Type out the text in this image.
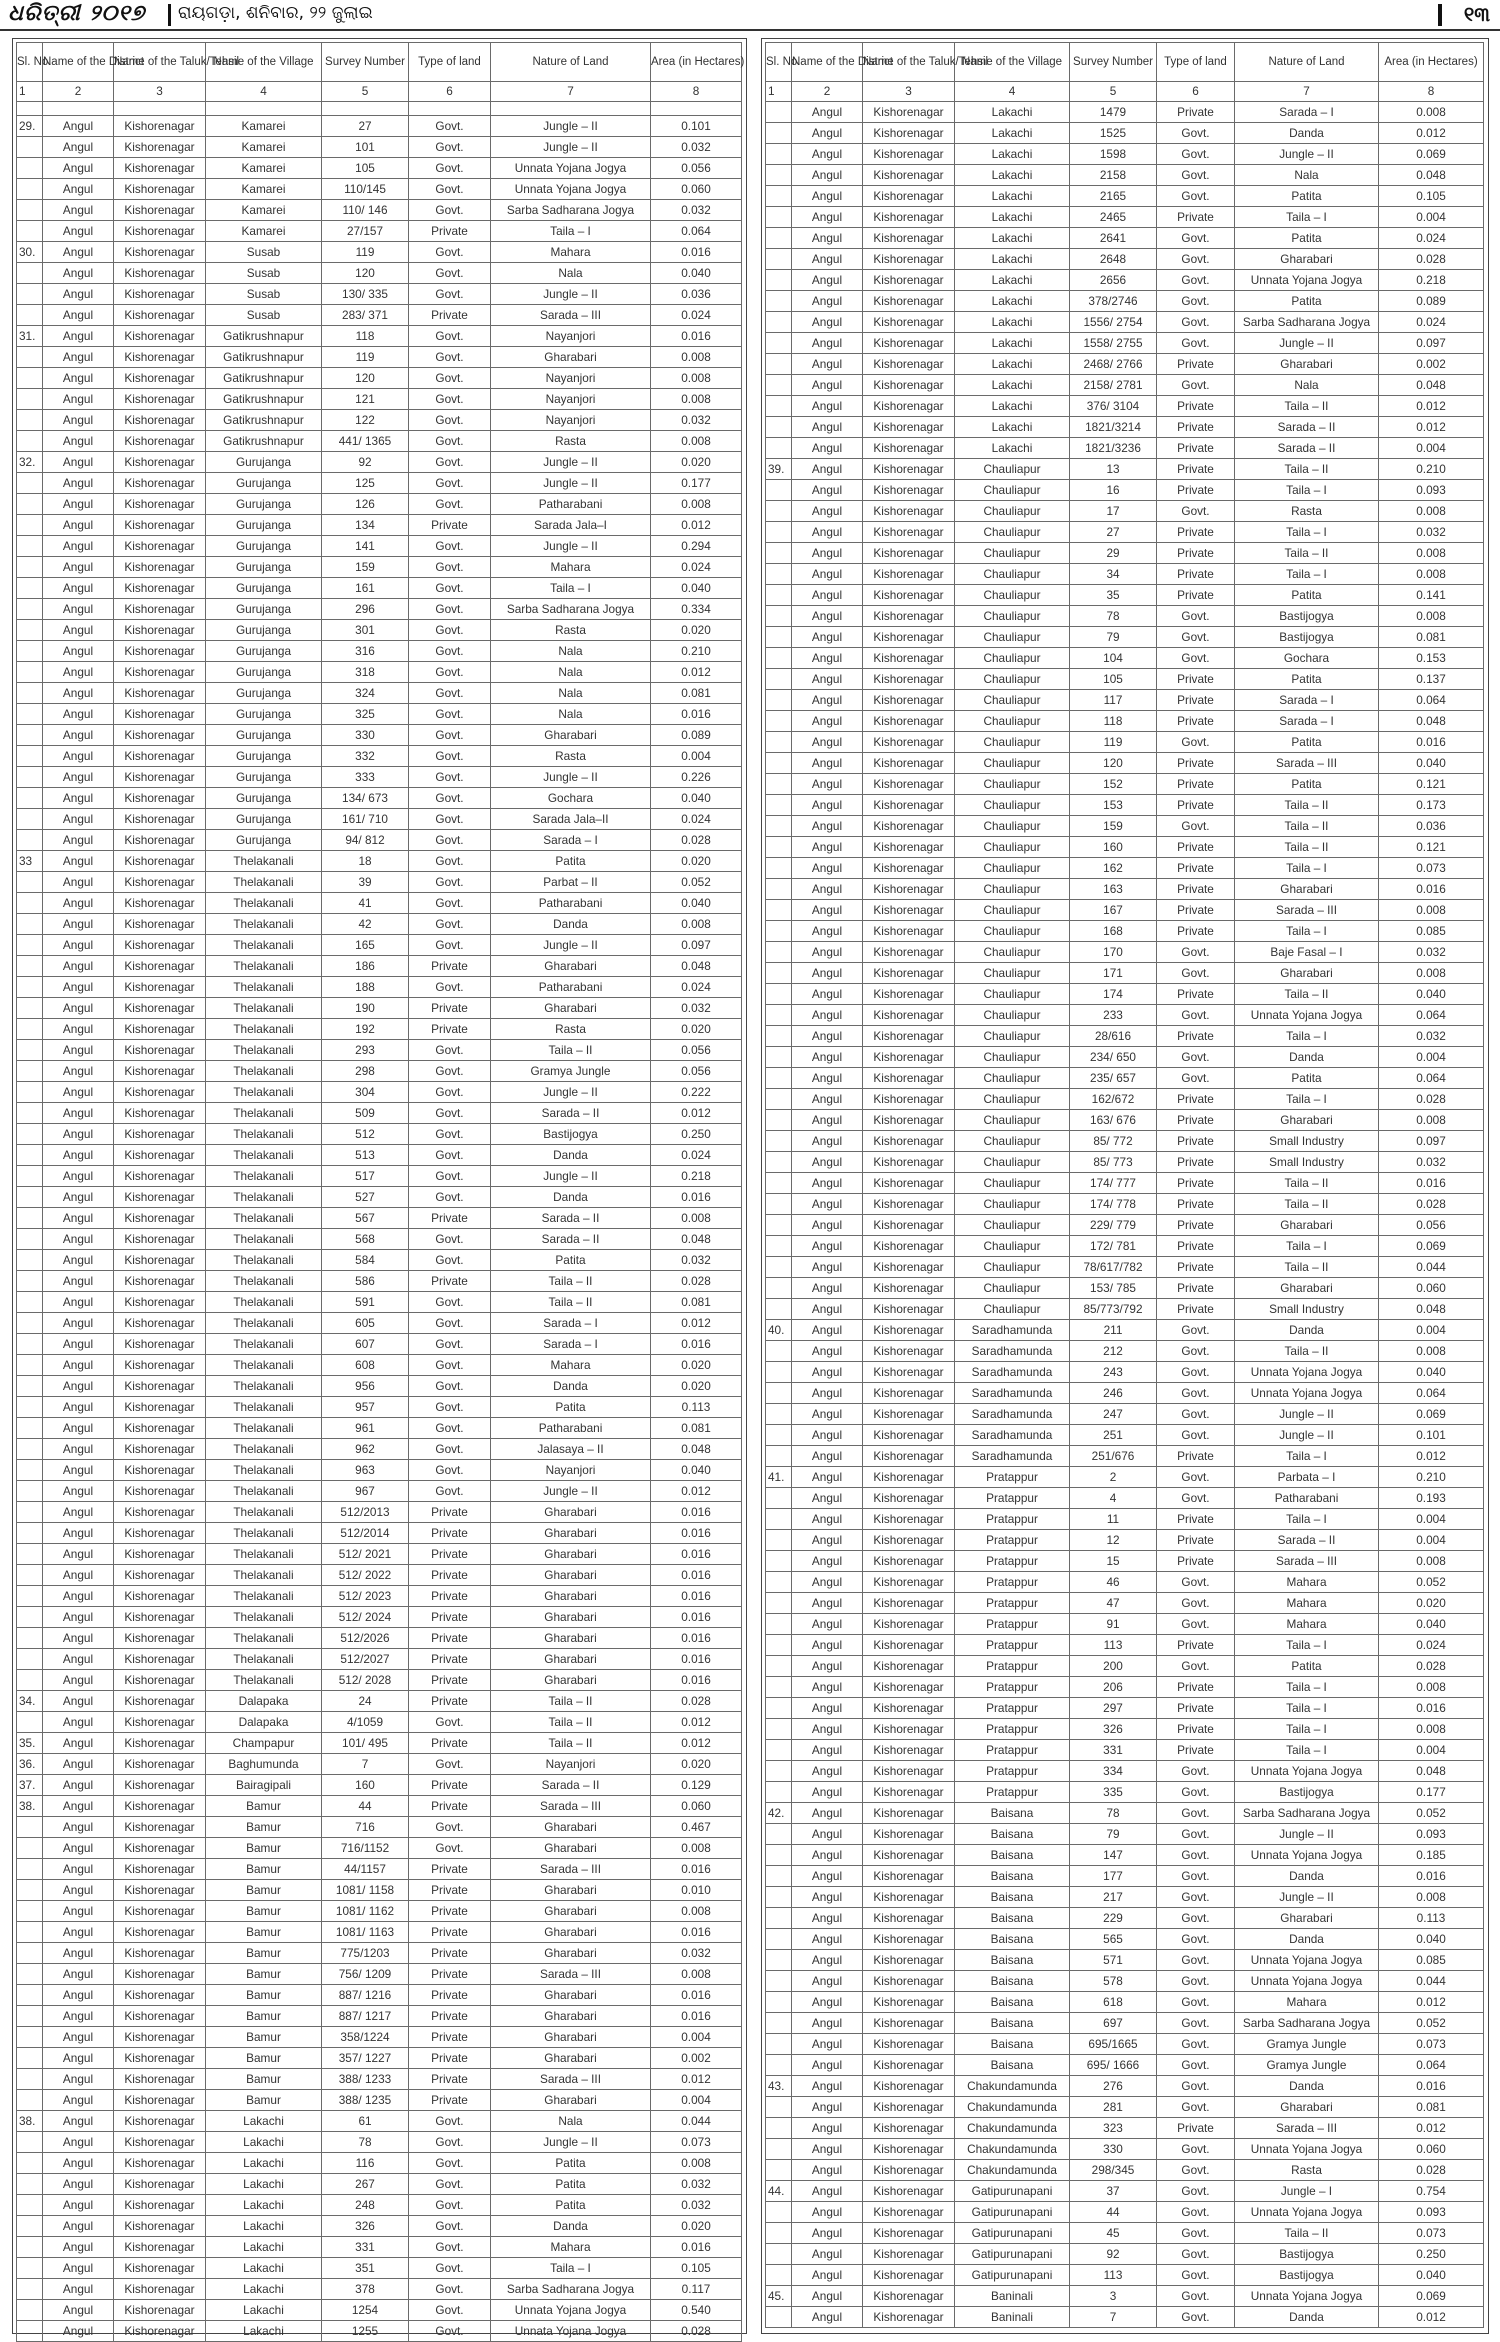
ଧରିତ୍ରୀ ୨୦୧୭ ରାୟଗଡ଼ା, ଶନିବାର, ୨୨ ଜୁଲାଇ	୧୩
Sl. No.	Name of the District	Name of the Taluk/Tehsil	Name of the Village	Survey Number	Type of land	Nature of Land	Area (in Hectares)
1	2	3	4	5	6	7	8

29.	Angul	Kishorenagar	Kamarei	27	Govt.	Jungle – II	0.101
	Angul	Kishorenagar	Kamarei	101	Govt.	Jungle – II	0.032
	Angul	Kishorenagar	Kamarei	105	Govt.	Unnata Yojana Jogya	0.056
	Angul	Kishorenagar	Kamarei	110/145	Govt.	Unnata Yojana Jogya	0.060
	Angul	Kishorenagar	Kamarei	110/ 146	Govt.	Sarba Sadharana Jogya	0.032
	Angul	Kishorenagar	Kamarei	27/157	Private	Taila – I	0.064
30.	Angul	Kishorenagar	Susab	119	Govt.	Mahara	0.016
	Angul	Kishorenagar	Susab	120	Govt.	Nala	0.040
	Angul	Kishorenagar	Susab	130/ 335	Govt.	Jungle – II	0.036
	Angul	Kishorenagar	Susab	283/ 371	Private	Sarada – III	0.024
31.	Angul	Kishorenagar	Gatikrushnapur	118	Govt.	Nayanjori	0.016
	Angul	Kishorenagar	Gatikrushnapur	119	Govt.	Gharabari	0.008
	Angul	Kishorenagar	Gatikrushnapur	120	Govt.	Nayanjori	0.008
	Angul	Kishorenagar	Gatikrushnapur	121	Govt.	Nayanjori	0.008
	Angul	Kishorenagar	Gatikrushnapur	122	Govt.	Nayanjori	0.032
	Angul	Kishorenagar	Gatikrushnapur	441/ 1365	Govt.	Rasta	0.008
32.	Angul	Kishorenagar	Gurujanga	92	Govt.	Jungle – II	0.020
	Angul	Kishorenagar	Gurujanga	125	Govt.	Jungle – II	0.177
	Angul	Kishorenagar	Gurujanga	126	Govt.	Patharabani	0.008
	Angul	Kishorenagar	Gurujanga	134	Private	Sarada Jala–I	0.012
	Angul	Kishorenagar	Gurujanga	141	Govt.	Jungle – II	0.294
	Angul	Kishorenagar	Gurujanga	159	Govt.	Mahara	0.024
	Angul	Kishorenagar	Gurujanga	161	Govt.	Taila – I	0.040
	Angul	Kishorenagar	Gurujanga	296	Govt.	Sarba Sadharana Jogya	0.334
	Angul	Kishorenagar	Gurujanga	301	Govt.	Rasta	0.020
	Angul	Kishorenagar	Gurujanga	316	Govt.	Nala	0.210
	Angul	Kishorenagar	Gurujanga	318	Govt.	Nala	0.012
	Angul	Kishorenagar	Gurujanga	324	Govt.	Nala	0.081
	Angul	Kishorenagar	Gurujanga	325	Govt.	Nala	0.016
	Angul	Kishorenagar	Gurujanga	330	Govt.	Gharabari	0.089
	Angul	Kishorenagar	Gurujanga	332	Govt.	Rasta	0.004
	Angul	Kishorenagar	Gurujanga	333	Govt.	Jungle – II	0.226
	Angul	Kishorenagar	Gurujanga	134/ 673	Govt.	Gochara	0.040
	Angul	Kishorenagar	Gurujanga	161/ 710	Govt.	Sarada Jala–II	0.024
	Angul	Kishorenagar	Gurujanga	94/ 812	Govt.	Sarada – I	0.028
33	Angul	Kishorenagar	Thelakanali	18	Govt.	Patita	0.020
	Angul	Kishorenagar	Thelakanali	39	Govt.	Parbat – II	0.052
	Angul	Kishorenagar	Thelakanali	41	Govt.	Patharabani	0.040
	Angul	Kishorenagar	Thelakanali	42	Govt.	Danda	0.008
	Angul	Kishorenagar	Thelakanali	165	Govt.	Jungle – II	0.097
	Angul	Kishorenagar	Thelakanali	186	Private	Gharabari	0.048
	Angul	Kishorenagar	Thelakanali	188	Govt.	Patharabani	0.024
	Angul	Kishorenagar	Thelakanali	190	Private	Gharabari	0.032
	Angul	Kishorenagar	Thelakanali	192	Private	Rasta	0.020
	Angul	Kishorenagar	Thelakanali	293	Govt.	Taila – II	0.056
	Angul	Kishorenagar	Thelakanali	298	Govt.	Gramya Jungle	0.056
	Angul	Kishorenagar	Thelakanali	304	Govt.	Jungle – II	0.222
	Angul	Kishorenagar	Thelakanali	509	Govt.	Sarada – II	0.012
	Angul	Kishorenagar	Thelakanali	512	Govt.	Bastijogya	0.250
	Angul	Kishorenagar	Thelakanali	513	Govt.	Danda	0.024
	Angul	Kishorenagar	Thelakanali	517	Govt.	Jungle – II	0.218
	Angul	Kishorenagar	Thelakanali	527	Govt.	Danda	0.016
	Angul	Kishorenagar	Thelakanali	567	Private	Sarada – II	0.008
	Angul	Kishorenagar	Thelakanali	568	Govt.	Sarada – II	0.048
	Angul	Kishorenagar	Thelakanali	584	Govt.	Patita	0.032
	Angul	Kishorenagar	Thelakanali	586	Private	Taila – II	0.028
	Angul	Kishorenagar	Thelakanali	591	Govt.	Taila – II	0.081
	Angul	Kishorenagar	Thelakanali	605	Govt.	Sarada – I	0.012
	Angul	Kishorenagar	Thelakanali	607	Govt.	Sarada – I	0.016
	Angul	Kishorenagar	Thelakanali	608	Govt.	Mahara	0.020
	Angul	Kishorenagar	Thelakanali	956	Govt.	Danda	0.020
	Angul	Kishorenagar	Thelakanali	957	Govt.	Patita	0.113
	Angul	Kishorenagar	Thelakanali	961	Govt.	Patharabani	0.081
	Angul	Kishorenagar	Thelakanali	962	Govt.	Jalasaya – II	0.048
	Angul	Kishorenagar	Thelakanali	963	Govt.	Nayanjori	0.040
	Angul	Kishorenagar	Thelakanali	967	Govt.	Jungle – II	0.012
	Angul	Kishorenagar	Thelakanali	512/2013	Private	Gharabari	0.016
	Angul	Kishorenagar	Thelakanali	512/2014	Private	Gharabari	0.016
	Angul	Kishorenagar	Thelakanali	512/ 2021	Private	Gharabari	0.016
	Angul	Kishorenagar	Thelakanali	512/ 2022	Private	Gharabari	0.016
	Angul	Kishorenagar	Thelakanali	512/ 2023	Private	Gharabari	0.016
	Angul	Kishorenagar	Thelakanali	512/ 2024	Private	Gharabari	0.016
	Angul	Kishorenagar	Thelakanali	512/2026	Private	Gharabari	0.016
	Angul	Kishorenagar	Thelakanali	512/2027	Private	Gharabari	0.016
	Angul	Kishorenagar	Thelakanali	512/ 2028	Private	Gharabari	0.016
34.	Angul	Kishorenagar	Dalapaka	24	Private	Taila – II	0.028
	Angul	Kishorenagar	Dalapaka	4/1059	Govt.	Taila – II	0.012
35.	Angul	Kishorenagar	Champapur	101/ 495	Private	Taila – II	0.012
36.	Angul	Kishorenagar	Baghumunda	7	Govt.	Nayanjori	0.020
37.	Angul	Kishorenagar	Bairagipali	160	Private	Sarada – II	0.129
38.	Angul	Kishorenagar	Bamur	44	Private	Sarada – III	0.060
	Angul	Kishorenagar	Bamur	716	Govt.	Gharabari	0.467
	Angul	Kishorenagar	Bamur	716/1152	Govt.	Gharabari	0.008
	Angul	Kishorenagar	Bamur	44/1157	Private	Sarada – III	0.016
	Angul	Kishorenagar	Bamur	1081/ 1158	Private	Gharabari	0.010
	Angul	Kishorenagar	Bamur	1081/ 1162	Private	Gharabari	0.008
	Angul	Kishorenagar	Bamur	1081/ 1163	Private	Gharabari	0.016
	Angul	Kishorenagar	Bamur	775/1203	Private	Gharabari	0.032
	Angul	Kishorenagar	Bamur	756/ 1209	Private	Sarada – III	0.008
	Angul	Kishorenagar	Bamur	887/ 1216	Private	Gharabari	0.016
	Angul	Kishorenagar	Bamur	887/ 1217	Private	Gharabari	0.016
	Angul	Kishorenagar	Bamur	358/1224	Private	Gharabari	0.004
	Angul	Kishorenagar	Bamur	357/ 1227	Private	Gharabari	0.002
	Angul	Kishorenagar	Bamur	388/ 1233	Private	Sarada – III	0.012
	Angul	Kishorenagar	Bamur	388/ 1235	Private	Gharabari	0.004
38.	Angul	Kishorenagar	Lakachi	61	Govt.	Nala	0.044
	Angul	Kishorenagar	Lakachi	78	Govt.	Jungle – II	0.073
	Angul	Kishorenagar	Lakachi	116	Govt.	Patita	0.008
	Angul	Kishorenagar	Lakachi	267	Govt.	Patita	0.032
	Angul	Kishorenagar	Lakachi	248	Govt.	Patita	0.032
	Angul	Kishorenagar	Lakachi	326	Govt.	Danda	0.020
	Angul	Kishorenagar	Lakachi	331	Govt.	Mahara	0.016
	Angul	Kishorenagar	Lakachi	351	Govt.	Taila – I	0.105
	Angul	Kishorenagar	Lakachi	378	Govt.	Sarba Sadharana Jogya	0.117
	Angul	Kishorenagar	Lakachi	1254	Govt.	Unnata Yojana Jogya	0.540
	Angul	Kishorenagar	Lakachi	1255	Govt.	Unnata Yojana Jogya	0.028
Sl. No.	Name of the District	Name of the Taluk/Tehsil	Name of the Village	Survey Number	Type of land	Nature of Land	Area (in Hectares)
1	2	3	4	5	6	7	8
	Angul	Kishorenagar	Lakachi	1479	Private	Sarada – I	0.008
	Angul	Kishorenagar	Lakachi	1525	Govt.	Danda	0.012
	Angul	Kishorenagar	Lakachi	1598	Govt.	Jungle – II	0.069
	Angul	Kishorenagar	Lakachi	2158	Govt.	Nala	0.048
	Angul	Kishorenagar	Lakachi	2165	Govt.	Patita	0.105
	Angul	Kishorenagar	Lakachi	2465	Private	Taila – I	0.004
	Angul	Kishorenagar	Lakachi	2641	Govt.	Patita	0.024
	Angul	Kishorenagar	Lakachi	2648	Govt.	Gharabari	0.028
	Angul	Kishorenagar	Lakachi	2656	Govt.	Unnata Yojana Jogya	0.218
	Angul	Kishorenagar	Lakachi	378/2746	Govt.	Patita	0.089
	Angul	Kishorenagar	Lakachi	1556/ 2754	Govt.	Sarba Sadharana Jogya	0.024
	Angul	Kishorenagar	Lakachi	1558/ 2755	Govt.	Jungle – II	0.097
	Angul	Kishorenagar	Lakachi	2468/ 2766	Private	Gharabari	0.002
	Angul	Kishorenagar	Lakachi	2158/ 2781	Govt.	Nala	0.048
	Angul	Kishorenagar	Lakachi	376/ 3104	Private	Taila – II	0.012
	Angul	Kishorenagar	Lakachi	1821/3214	Private	Sarada – II	0.012
	Angul	Kishorenagar	Lakachi	1821/3236	Private	Sarada – II	0.004
39.	Angul	Kishorenagar	Chauliapur	13	Private	Taila – II	0.210
	Angul	Kishorenagar	Chauliapur	16	Private	Taila – I	0.093
	Angul	Kishorenagar	Chauliapur	17	Govt.	Rasta	0.008
	Angul	Kishorenagar	Chauliapur	27	Private	Taila – I	0.032
	Angul	Kishorenagar	Chauliapur	29	Private	Taila – II	0.008
	Angul	Kishorenagar	Chauliapur	34	Private	Taila – I	0.008
	Angul	Kishorenagar	Chauliapur	35	Private	Patita	0.141
	Angul	Kishorenagar	Chauliapur	78	Govt.	Bastijogya	0.008
	Angul	Kishorenagar	Chauliapur	79	Govt.	Bastijogya	0.081
	Angul	Kishorenagar	Chauliapur	104	Govt.	Gochara	0.153
	Angul	Kishorenagar	Chauliapur	105	Private	Patita	0.137
	Angul	Kishorenagar	Chauliapur	117	Private	Sarada – I	0.064
	Angul	Kishorenagar	Chauliapur	118	Private	Sarada – I	0.048
	Angul	Kishorenagar	Chauliapur	119	Govt.	Patita	0.016
	Angul	Kishorenagar	Chauliapur	120	Private	Sarada – III	0.040
	Angul	Kishorenagar	Chauliapur	152	Private	Patita	0.121
	Angul	Kishorenagar	Chauliapur	153	Private	Taila – II	0.173
	Angul	Kishorenagar	Chauliapur	159	Govt.	Taila – II	0.036
	Angul	Kishorenagar	Chauliapur	160	Private	Taila – II	0.121
	Angul	Kishorenagar	Chauliapur	162	Private	Taila – I	0.073
	Angul	Kishorenagar	Chauliapur	163	Private	Gharabari	0.016
	Angul	Kishorenagar	Chauliapur	167	Private	Sarada – III	0.008
	Angul	Kishorenagar	Chauliapur	168	Private	Taila – I	0.085
	Angul	Kishorenagar	Chauliapur	170	Govt.	Baje Fasal – I	0.032
	Angul	Kishorenagar	Chauliapur	171	Govt.	Gharabari	0.008
	Angul	Kishorenagar	Chauliapur	174	Private	Taila – II	0.040
	Angul	Kishorenagar	Chauliapur	233	Govt.	Unnata Yojana Jogya	0.064
	Angul	Kishorenagar	Chauliapur	28/616	Private	Taila – I	0.032
	Angul	Kishorenagar	Chauliapur	234/ 650	Govt.	Danda	0.004
	Angul	Kishorenagar	Chauliapur	235/ 657	Govt.	Patita	0.064
	Angul	Kishorenagar	Chauliapur	162/672	Private	Taila – I	0.028
	Angul	Kishorenagar	Chauliapur	163/ 676	Private	Gharabari	0.008
	Angul	Kishorenagar	Chauliapur	85/ 772	Private	Small Industry	0.097
	Angul	Kishorenagar	Chauliapur	85/ 773	Private	Small Industry	0.032
	Angul	Kishorenagar	Chauliapur	174/ 777	Private	Taila – II	0.016
	Angul	Kishorenagar	Chauliapur	174/ 778	Private	Taila – II	0.028
	Angul	Kishorenagar	Chauliapur	229/ 779	Private	Gharabari	0.056
	Angul	Kishorenagar	Chauliapur	172/ 781	Private	Taila – I	0.069
	Angul	Kishorenagar	Chauliapur	78/617/782	Private	Taila – II	0.044
	Angul	Kishorenagar	Chauliapur	153/ 785	Private	Gharabari	0.060
	Angul	Kishorenagar	Chauliapur	85/773/792	Private	Small Industry	0.048
40.	Angul	Kishorenagar	Saradhamunda	211	Govt.	Danda	0.004
	Angul	Kishorenagar	Saradhamunda	212	Govt.	Taila – II	0.008
	Angul	Kishorenagar	Saradhamunda	243	Govt.	Unnata Yojana Jogya	0.040
	Angul	Kishorenagar	Saradhamunda	246	Govt.	Unnata Yojana Jogya	0.064
	Angul	Kishorenagar	Saradhamunda	247	Govt.	Jungle – II	0.069
	Angul	Kishorenagar	Saradhamunda	251	Govt.	Jungle – II	0.101
	Angul	Kishorenagar	Saradhamunda	251/676	Private	Taila – I	0.012
41.	Angul	Kishorenagar	Pratappur	2	Govt.	Parbata – I	0.210
	Angul	Kishorenagar	Pratappur	4	Govt.	Patharabani	0.193
	Angul	Kishorenagar	Pratappur	11	Private	Taila – I	0.004
	Angul	Kishorenagar	Pratappur	12	Private	Sarada – II	0.004
	Angul	Kishorenagar	Pratappur	15	Private	Sarada – III	0.008
	Angul	Kishorenagar	Pratappur	46	Govt.	Mahara	0.052
	Angul	Kishorenagar	Pratappur	47	Govt.	Mahara	0.020
	Angul	Kishorenagar	Pratappur	91	Govt.	Mahara	0.040
	Angul	Kishorenagar	Pratappur	113	Private	Taila – I	0.024
	Angul	Kishorenagar	Pratappur	200	Govt.	Patita	0.028
	Angul	Kishorenagar	Pratappur	206	Private	Taila – I	0.008
	Angul	Kishorenagar	Pratappur	297	Private	Taila – I	0.016
	Angul	Kishorenagar	Pratappur	326	Private	Taila – I	0.008
	Angul	Kishorenagar	Pratappur	331	Private	Taila – I	0.004
	Angul	Kishorenagar	Pratappur	334	Govt.	Unnata Yojana Jogya	0.048
	Angul	Kishorenagar	Pratappur	335	Govt.	Bastijogya	0.177
42.	Angul	Kishorenagar	Baisana	78	Govt.	Sarba Sadharana Jogya	0.052
	Angul	Kishorenagar	Baisana	79	Govt.	Jungle – II	0.093
	Angul	Kishorenagar	Baisana	147	Govt.	Unnata Yojana Jogya	0.185
	Angul	Kishorenagar	Baisana	177	Govt.	Danda	0.016
	Angul	Kishorenagar	Baisana	217	Govt.	Jungle – II	0.008
	Angul	Kishorenagar	Baisana	229	Govt.	Gharabari	0.113
	Angul	Kishorenagar	Baisana	565	Govt.	Danda	0.040
	Angul	Kishorenagar	Baisana	571	Govt.	Unnata Yojana Jogya	0.085
	Angul	Kishorenagar	Baisana	578	Govt.	Unnata Yojana Jogya	0.044
	Angul	Kishorenagar	Baisana	618	Govt.	Mahara	0.012
	Angul	Kishorenagar	Baisana	697	Govt.	Sarba Sadharana Jogya	0.052
	Angul	Kishorenagar	Baisana	695/1665	Govt.	Gramya Jungle	0.073
	Angul	Kishorenagar	Baisana	695/ 1666	Govt.	Gramya Jungle	0.064
43.	Angul	Kishorenagar	Chakundamunda	276	Govt.	Danda	0.016
	Angul	Kishorenagar	Chakundamunda	281	Govt.	Gharabari	0.081
	Angul	Kishorenagar	Chakundamunda	323	Private	Sarada – III	0.012
	Angul	Kishorenagar	Chakundamunda	330	Govt.	Unnata Yojana Jogya	0.060
	Angul	Kishorenagar	Chakundamunda	298/345	Govt.	Rasta	0.028
44.	Angul	Kishorenagar	Gatipurunapani	37	Govt.	Jungle – I	0.754
	Angul	Kishorenagar	Gatipurunapani	44	Govt.	Unnata Yojana Jogya	0.093
	Angul	Kishorenagar	Gatipurunapani	45	Govt.	Taila – II	0.073
	Angul	Kishorenagar	Gatipurunapani	92	Govt.	Bastijogya	0.250
	Angul	Kishorenagar	Gatipurunapani	113	Govt.	Bastijogya	0.040
45.	Angul	Kishorenagar	Baninali	3	Govt.	Unnata Yojana Jogya	0.069
	Angul	Kishorenagar	Baninali	7	Govt.	Danda	0.012
